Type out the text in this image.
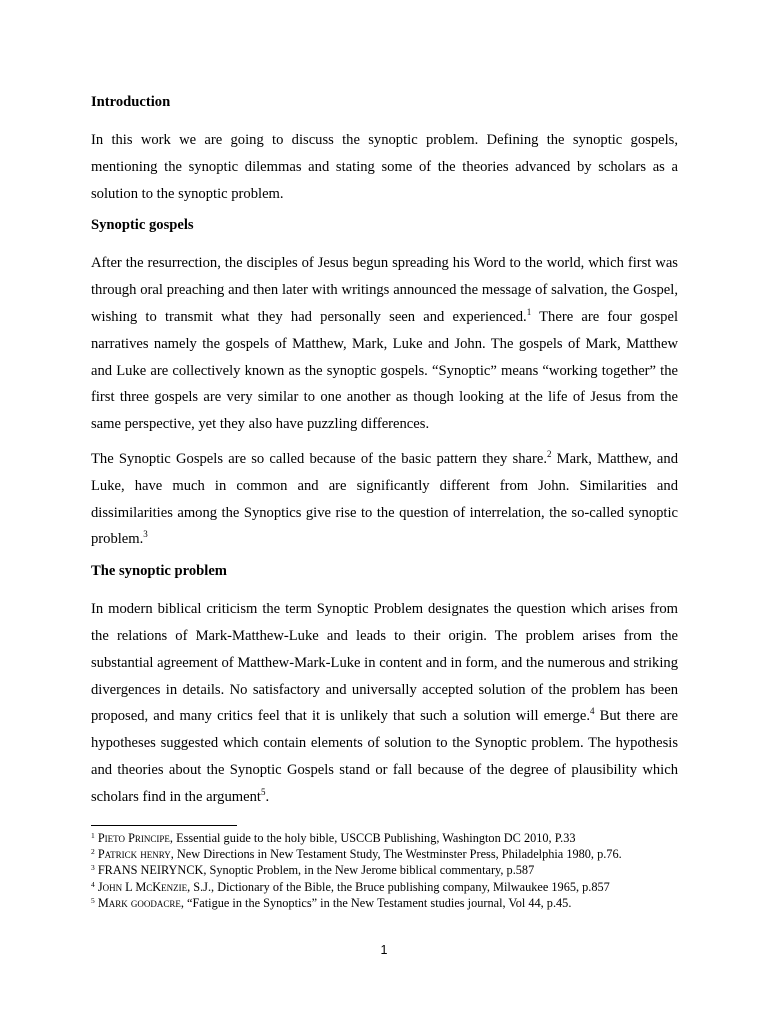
Introduction

In this work we are going to discuss the synoptic problem. Defining the synoptic gospels, mentioning the synoptic dilemmas and stating some of the theories advanced by scholars as a solution to the synoptic problem.

Synoptic gospels

After the resurrection, the disciples of Jesus begun spreading his Word to the world, which first was through oral preaching and then later with writings announced the message of salvation, the Gospel, wishing to transmit what they had personally seen and experienced.$^1$ There are four gospel narratives namely the gospels of Matthew, Mark, Luke and John. The gospels of Mark, Matthew and Luke are collectively known as the synoptic gospels. “Synoptic” means “working together” the first three gospels are very similar to one another as though looking at the life of Jesus from the same perspective, yet they also have puzzling differences.

The Synoptic Gospels are so called because of the basic pattern they share.$^2$ Mark, Matthew, and Luke, have much in common and are significantly different from John. Similarities and dissimilarities among the Synoptics give rise to the question of interrelation, the so-called synoptic problem.$^3$

The synoptic problem

In modern biblical criticism the term Synoptic Problem designates the question which arises from the relations of Mark-Matthew-Luke and leads to their origin. The problem arises from the substantial agreement of Matthew-Mark-Luke in content and in form, and the numerous and striking divergences in details. No satisfactory and universally accepted solution of the problem has been proposed, and many critics feel that it is unlikely that such a solution will emerge.$^4$ But there are hypotheses suggested which contain elements of solution to the Synoptic problem. The hypothesis and theories about the Synoptic Gospels stand or fall because of the degree of plausibility which scholars find in the argument$^5$.

$^1$ Pieto Principe, Essential guide to the holy bible, USCCB Publishing, Washington DC 2010, P.33
$^2$ Patrick henry, New Directions in New Testament Study, The Westminster Press, Philadelphia 1980, p.76.
$^3$ FRANS NEIRYNCK, Synoptic Problem, in the New Jerome biblical commentary, p.587
$^4$ John L McKenzie, S.J., Dictionary of the Bible, the Bruce publishing company, Milwaukee 1965, p.857
$^5$ Mark goodacre, “Fatigue in the Synoptics” in the New Testament studies journal, Vol 44, p.45.
1
